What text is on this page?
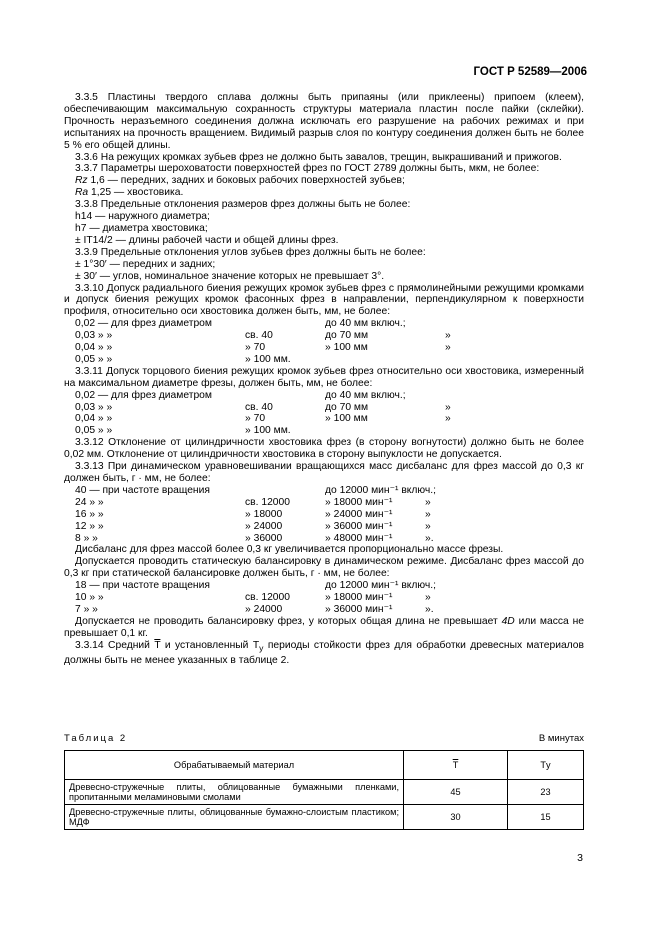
ГОСТ Р 52589—2006

3.3.5 Пластины твердого сплава должны быть припаяны (или приклеены) припоем (клеем), обеспечивающим максимальную сохранность структуры материала пластин после пайки (склейки). Прочность неразъемного соединения должна исключать его разрушение на рабочих режимах и при испытаниях на прочность вращением. Видимый разрыв слоя по контуру соединения должен быть не более 5 % его общей длины.

3.3.6 На режущих кромках зубьев фрез не должно быть завалов, трещин, выкрашиваний и прижогов.

3.3.7 Параметры шероховатости поверхностей фрез по ГОСТ 2789 должны быть, мкм, не более:

Rz 1,6 — передних, задних и боковых рабочих поверхностей зубьев;

Ra 1,25 — хвостовика.

3.3.8 Предельные отклонения размеров фрез должны быть не более:

h14 — наружного диаметра;

h7 — диаметра хвостовика;

± IT14/2 — длины рабочей части и общей длины фрез.

3.3.9 Предельные отклонения углов зубьев фрез должны быть не более:

± 1°30′ — передних и задних;

± 30′ — углов, номинальное значение которых не превышает 3°.

3.3.10 Допуск радиального биения режущих кромок зубьев фрез с прямолинейными режущими кромками и допуск биения режущих кромок фасонных фрез в направлении, перпендикулярном к поверхности профиля, относительно оси хвостовика должен быть, мм, не более:

0,02 — для фрез диаметром	до 40 мм включ.;
0,03 » »	св. 40	до 70 мм	»
0,04 » »	» 70	» 100 мм	»
0,05 » »	» 100 мм.

3.3.11 Допуск торцового биения режущих кромок зубьев фрез относительно оси хвостовика, измеренный на максимальном диаметре фрезы, должен быть, мм, не более:

0,02 — для фрез диаметром	до 40 мм включ.;
0,03 » »	св. 40	до 70 мм	»
0,04 » »	» 70	» 100 мм	»
0,05 » »	» 100 мм.

3.3.12 Отклонение от цилиндричности хвостовика фрез (в сторону вогнутости) должно быть не более 0,02 мм. Отклонение от цилиндричности хвостовика в сторону выпуклости не допускается.

3.3.13 При динамическом уравновешивании вращающихся масс дисбаланс для фрез массой до 0,3 кг должен быть, г · мм, не более:

40 — при частоте вращения	до 12000 мин⁻¹ включ.;
24 » »	св. 12000	» 18000 мин⁻¹	»
16 » »	» 18000	» 24000 мин⁻¹	»
12 » »	» 24000	» 36000 мин⁻¹	»
8 » »	» 36000	» 48000 мин⁻¹	».

Дисбаланс для фрез массой более 0,3 кг увеличивается пропорционально массе фрезы.

Допускается проводить статическую балансировку в динамическом режиме. Дисбаланс фрез массой до 0,3 кг при статической балансировке должен быть, г · мм, не более:

18 — при частоте вращения	до 12000 мин⁻¹ включ.;
10 » »	св. 12000	» 18000 мин⁻¹	»
7 » »	» 24000	» 36000 мин⁻¹	».

Допускается не проводить балансировку фрез, у которых общая длина не превышает 4D или масса не превышает 0,1 кг.

3.3.14 Средний $\overline{T}$ и установленный $T_у$ периоды стойкости фрез для обработки древесных материалов должны быть не менее указанных в таблице 2.

Таблица 2	В минутах
Обрабатываемый материал	$\overline{T}$	Tу
Древесно-стружечные плиты, облицованные бумажными пленками, пропитанными меламиновыми смолами	45	23
Древесно-стружечные плиты, облицованные бумажно-слоистым пластиком; МДФ	30	15
3
